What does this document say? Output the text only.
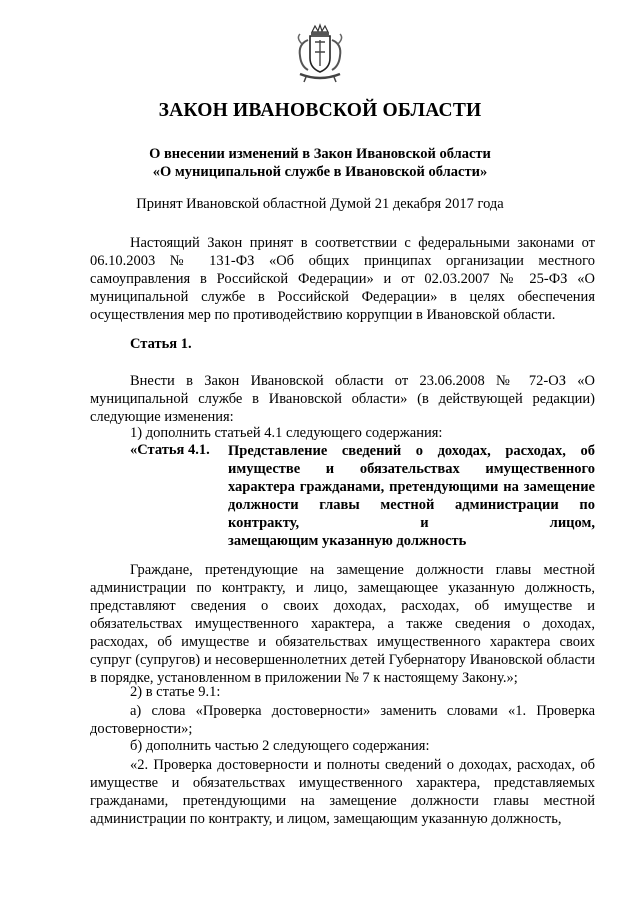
ЗАКОН ИВАНОВСКОЙ ОБЛАСТИ

О внесении изменений в Закон Ивановской области

«О муниципальной службе в Ивановской области»

Принят Ивановской областной Думой 21 декабря 2017 года

Настоящий Закон принят в соответствии с федеральными законами от 06.10.2003 № 131-ФЗ «Об общих принципах организации местного самоуправления в Российской Федерации» и от 02.03.2007 № 25-ФЗ «О муниципальной службе в Российской Федерации» в целях обеспечения осуществления мер по противодействию коррупции в Ивановской области.

Статья 1.

Внести в Закон Ивановской области от 23.06.2008 № 72-ОЗ «О муниципальной службе в Ивановской области» (в действующей редакции) следующие изменения:

1) дополнить статьей 4.1 следующего содержания:

«Статья 4.1. Представление сведений о доходах, расходах, об имуществе и обязательствах имущественного характера гражданами, претендующими на замещение должности главы местной администрации по контракту, и лицом,
замещающим указанную должность

Граждане, претендующие на замещение должности главы местной администрации по контракту, и лицо, замещающее указанную должность, представляют сведения о своих доходах, расходах, об имуществе и обязательствах имущественного характера, а также сведения о доходах, расходах, об имуществе и обязательствах имущественного характера своих супруг (супругов) и несовершеннолетних детей Губернатору Ивановской области в порядке, установленном в приложении № 7 к настоящему Закону.»;

2) в статье 9.1:

а) слова «Проверка достоверности» заменить словами «1. Проверка достоверности»;

б) дополнить частью 2 следующего содержания:

«2. Проверка достоверности и полноты сведений о доходах, расходах, об имуществе и обязательствах имущественного характера, представляемых гражданами, претендующими на замещение должности главы местной администрации по контракту, и лицом, замещающим указанную должность,
